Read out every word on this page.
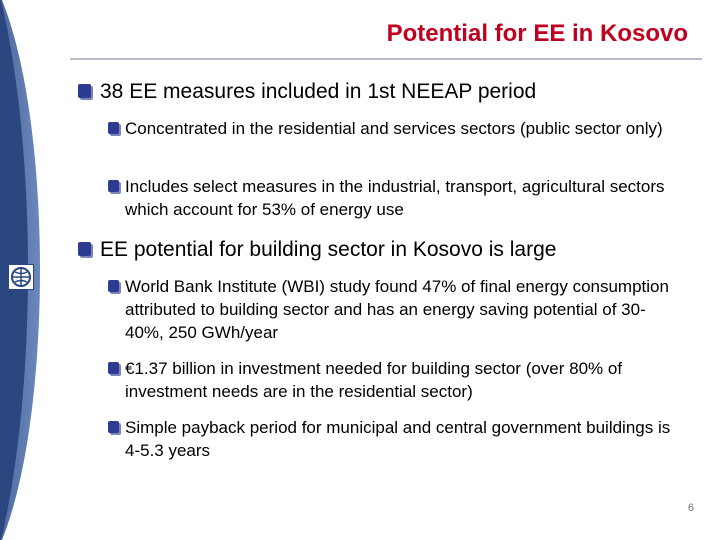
Potential for EE in Kosovo
38 EE measures included in 1st NEEAP period
Concentrated in the residential and services sectors (public sector only)
Includes select measures in the industrial, transport, agricultural sectors which account for 53% of energy use
EE potential for building sector in Kosovo is large
World Bank Institute (WBI) study found 47% of final energy consumption attributed to building sector and has an energy saving potential of 30-40%, 250 GWh/year
€1.37 billion in investment needed for building sector (over 80% of investment needs are in the residential sector)
Simple payback period for municipal and central government buildings is 4-5.3 years
6
